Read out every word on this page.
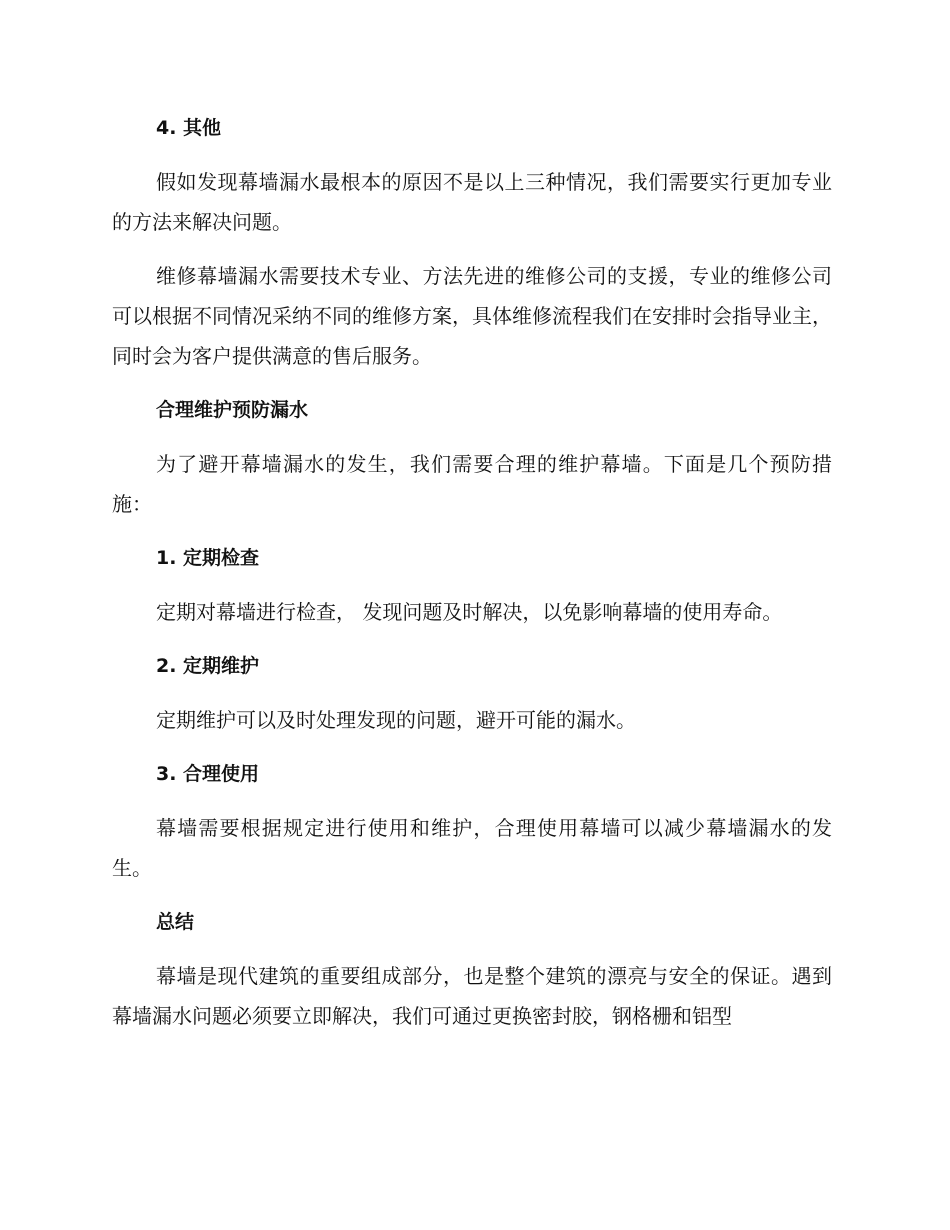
4. 其他

假如发现幕墙漏水最根本的原因不是以上三种情况，我们需要实行更加专业的方法来解决问题。

维修幕墙漏水需要技术专业、方法先进的维修公司的支援，专业的维修公司可以根据不同情况采纳不同的维修方案，具体维修流程我们在安排时会指导业主，同时会为客户提供满意的售后服务。

合理维护预防漏水

为了避开幕墙漏水的发生，我们需要合理的维护幕墙。下面是几个预防措施：

1. 定期检查

定期对幕墙进行检查， 发现问题及时解决，以免影响幕墙的使用寿命。

2. 定期维护

定期维护可以及时处理发现的问题，避开可能的漏水。

3. 合理使用

幕墙需要根据规定进行使用和维护，合理使用幕墙可以减少幕墙漏水的发生。

总结

幕墙是现代建筑的重要组成部分，也是整个建筑的漂亮与安全的保证。遇到幕墙漏水问题必须要立即解决，我们可通过更换密封胶，钢格栅和铝型
